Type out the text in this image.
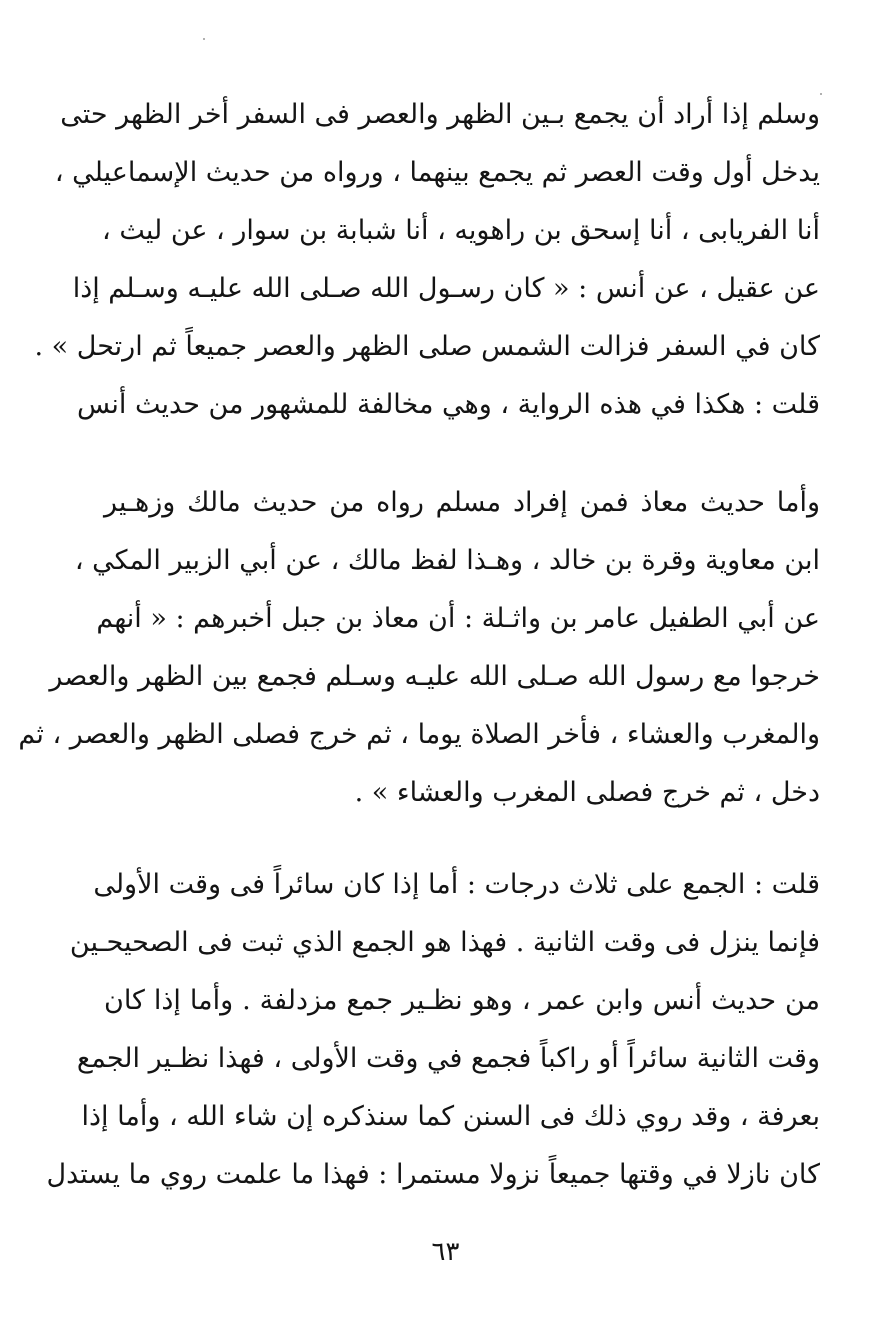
وسلم إذا أراد أن يجمع بـين الظهر والعصر فى السفر أخر الظهر حتى
يدخل أول وقت العصر ثم يجمع بينهما ، ورواه من حديث الإسماعيلي ،
أنا الفريابى ، أنا إسحق بن راهويه ، أنا شبابة بن سوار ، عن ليث ،
عن عقيل ، عن أنس : « كان رسـول الله صـلى الله عليـه وسـلم إذا
كان في السفر فزالت الشمس صلى الظهر والعصر جميعاً ثم ارتحل » .
قلت : هكذا في هذه الرواية ، وهي مخالفة للمشهور من حديث أنس
وأما حديث معاذ فمن إفراد مسلم رواه من حديث مالك وزهـير
ابن معاوية وقرة بن خالد ، وهـذا لفظ مالك ، عن أبي الزبير المكي ،
عن أبي الطفيل عامر بن واثـلة : أن معاذ بن جبل أخبرهم : « أنهم
خرجوا مع رسول الله صـلى الله عليـه وسـلم فجمع بين الظهر والعصر
والمغرب والعشاء ، فأخر الصلاة يوما ، ثم خرج فصلى الظهر والعصر ، ثم
دخل ، ثم خرج فصلى المغرب والعشاء » .
قلت : الجمع على ثلاث درجات : أما إذا كان سائراً فى وقت الأولى
فإنما ينزل فى وقت الثانية . فهذا هو الجمع الذي ثبت فى الصحيحـين
من حديث أنس وابن عمر ، وهو نظـير جمع مزدلفة . وأما إذا كان
وقت الثانية سائراً أو راكباً فجمع في وقت الأولى ، فهذا نظـير الجمع
بعرفة ، وقد روي ذلك فى السنن كما سنذكره إن شاء الله ، وأما إذا
كان نازلا في وقتها جميعاً نزولا مستمرا : فهذا ما علمت روي ما يستدل
٦٣
